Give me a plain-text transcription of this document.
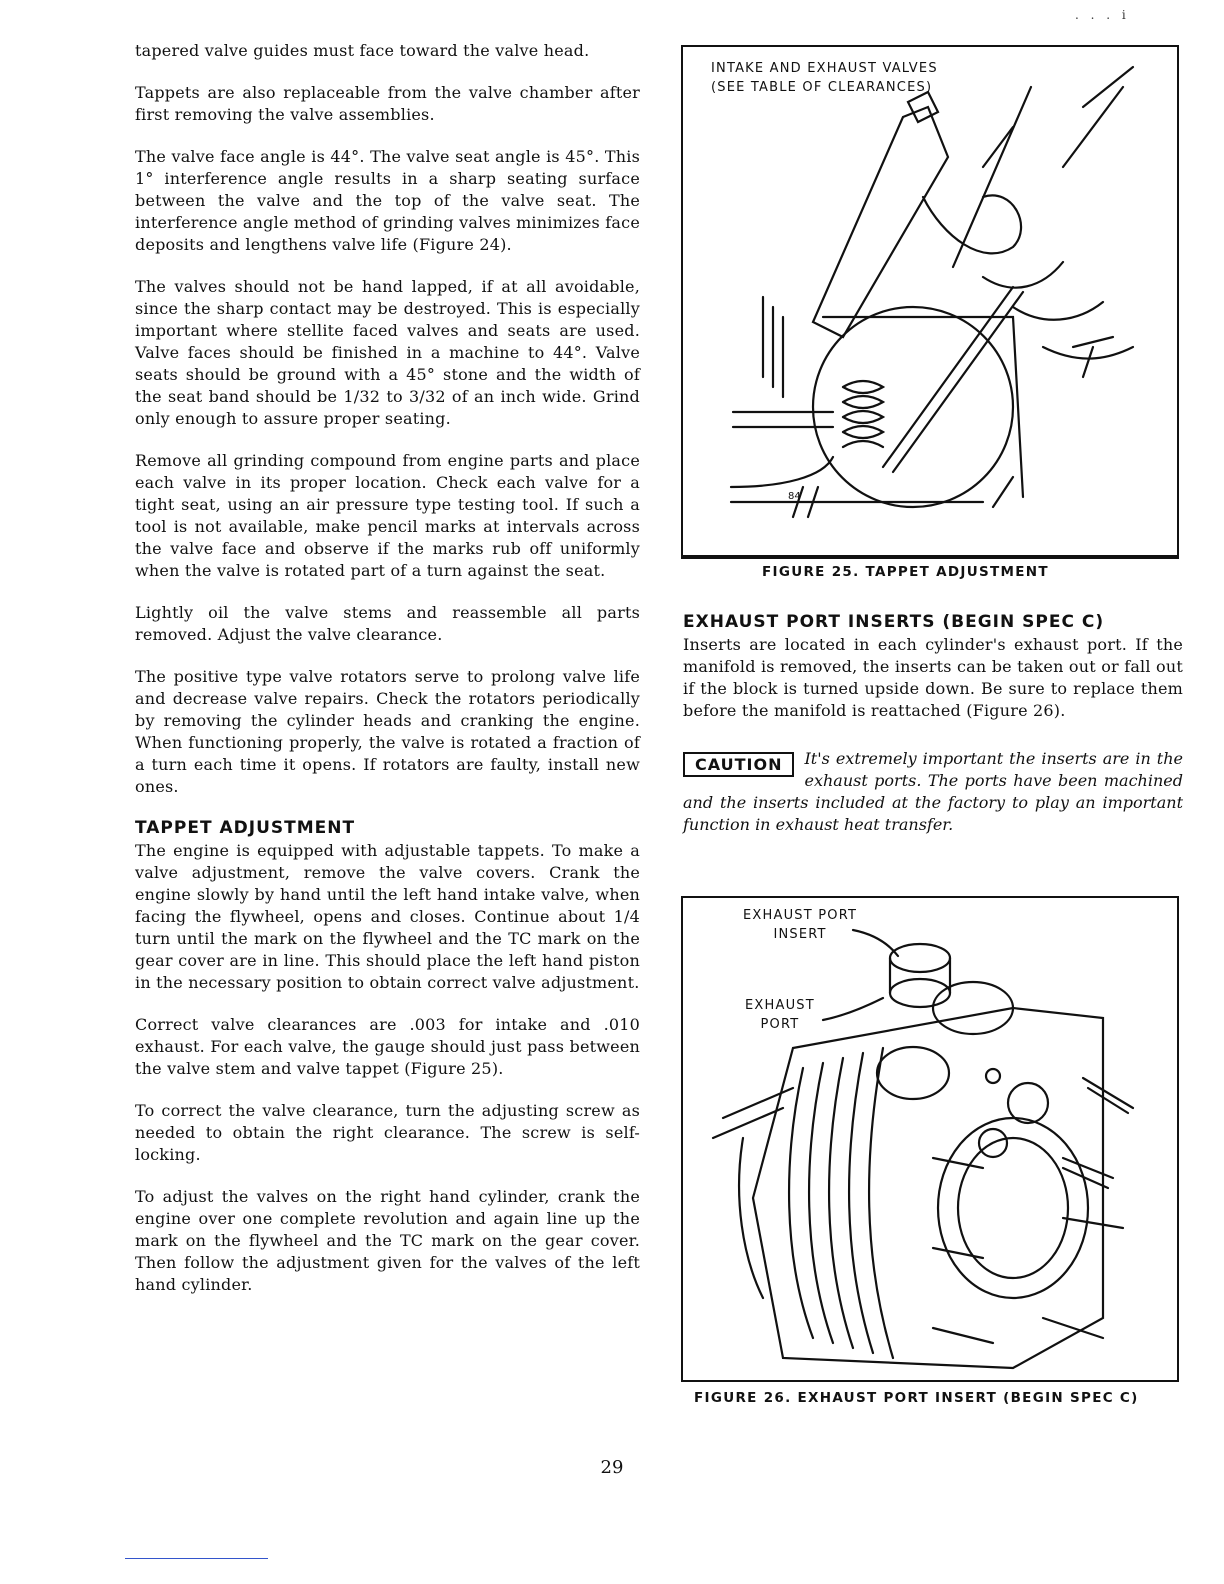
. . . i

tapered valve guides must face toward the valve head.

Tappets are also replaceable from the valve chamber after first removing the valve assemblies.

The valve face angle is 44°. The valve seat angle is 45°. This 1° interference angle results in a sharp seating surface between the valve and the top of the valve seat. The interference angle method of grinding valves minimizes face deposits and lengthens valve life (Figure 24).

The valves should not be hand lapped, if at all avoidable, since the sharp contact may be destroyed. This is especially important where stellite faced valves and seats are used. Valve faces should be finished in a machine to 44°. Valve seats should be ground with a 45° stone and the width of the seat band should be 1/32 to 3/32 of an inch wide. Grind only enough to assure proper seating.

Remove all grinding compound from engine parts and place each valve in its proper location. Check each valve for a tight seat, using an air pressure type testing tool. If such a tool is not available, make pencil marks at intervals across the valve face and observe if the marks rub off uniformly when the valve is rotated part of a turn against the seat.

Lightly oil the valve stems and reassemble all parts removed. Adjust the valve clearance.

The positive type valve rotators serve to prolong valve life and decrease valve repairs. Check the rotators periodically by removing the cylinder heads and cranking the engine. When functioning properly, the valve is rotated a fraction of a turn each time it opens. If rotators are faulty, install new ones.

TAPPET ADJUSTMENT

The engine is equipped with adjustable tappets. To make a valve adjustment, remove the valve covers. Crank the engine slowly by hand until the left hand intake valve, when facing the flywheel, opens and closes. Continue about 1/4 turn until the mark on the flywheel and the TC mark on the gear cover are in line. This should place the left hand piston in the necessary position to obtain correct valve adjustment.

Correct valve clearances are .003 for intake and .010 exhaust. For each valve, the gauge should just pass between the valve stem and valve tappet (Figure 25).

To correct the valve clearance, turn the adjusting screw as needed to obtain the right clearance. The screw is self-locking.

To adjust the valves on the right hand cylinder, crank the engine over one complete revolution and again line up the mark on the flywheel and the TC mark on the gear cover. Then follow the adjustment given for the valves of the left hand cylinder.

84
INTAKE AND EXHAUST VALVES
(SEE TABLE OF CLEARANCES)
FIGURE 25. TAPPET ADJUSTMENT
EXHAUST PORT INSERTS (BEGIN SPEC C)

Inserts are located in each cylinder's exhaust port. If the manifold is removed, the inserts can be taken out or fall out if the block is turned upside down. Be sure to replace them before the manifold is reattached (Figure 26).

CAUTION	It's extremely important the inserts are in the exhaust ports. The ports have been machined and the inserts included at the factory to play an important function in exhaust heat transfer.

EXHAUST PORT
INSERT
EXHAUST
PORT
FIGURE 26. EXHAUST PORT INSERT (BEGIN SPEC C)
29
